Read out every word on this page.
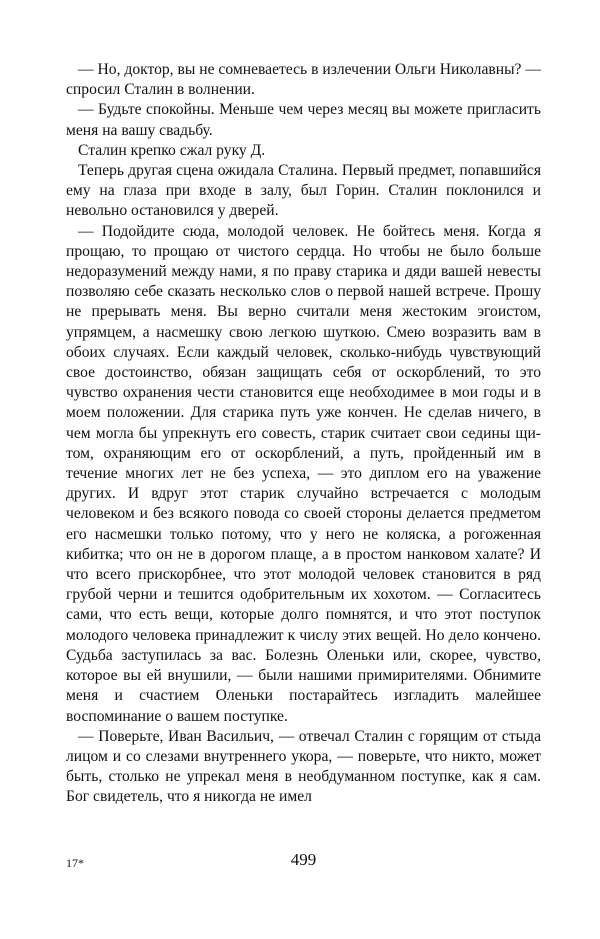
— Но, доктор, вы не сомневаетесь в излечении Ольги Николавны? — спросил Сталин в волнении.

— Будьте спокойны. Меньше чем через месяц вы можете пригласить меня на вашу свадьбу.

Сталин крепко сжал руку Д.

Теперь другая сцена ожидала Сталина. Первый предмет, попавшийся ему на глаза при входе в залу, был Горин. Сталин поклонился и невольно остановился у дверей.

— Подойдите сюда, молодой человек. Не бойтесь меня. Когда я прощаю, то прощаю от чистого сердца. Но чтобы не было больше недоразумений между нами, я по праву старика и дяди вашей невесты позволяю себе сказать несколько слов о первой нашей встрече. Прошу не прерывать меня. Вы верно считали меня жестоким эгоистом, упрямцем, а насмешку свою легкою шуткою. Смею возразить вам в обоих случаях. Если каждый человек, сколько-нибудь чувствующий свое достоинство, обязан защищать себя от оскорблений, то это чувство охранения чести становится еще необходимее в мои годы и в моем положении. Для старика путь уже кончен. Не сделав ничего, в чем могла бы упрекнуть его совесть, старик считает свои седины щитом, охраняющим его от оскорблений, а путь, пройденный им в течение многих лет не без успеха, — это диплом его на уважение других. И вдруг этот старик случайно встречается с молодым человеком и без всякого повода со своей стороны делается предметом его насмешки только потому, что у него не коляска, а рогоженная кибитка; что он не в дорогом плаще, а в простом нанковом халате? И что всего прискорбнее, что этот молодой человек становится в ряд грубой черни и тешится одобрительным их хохотом. — Согласитесь сами, что есть вещи, которые долго помнятся, и что этот поступок молодого человека принадлежит к числу этих вещей. Но дело кончено. Судьба заступилась за вас. Болезнь Оленьки или, скорее, чувство, которое вы ей внушили, — были нашими примирителями. Обнимите меня и счастием Оленьки постарайтесь изгладить малейшее воспоминание о вашем поступке.

— Поверьте, Иван Васильич, — отвечал Сталин с горящим от стыда лицом и со слезами внутреннего укора, — поверьте, что никто, может быть, столько не упрекал меня в необдуманном поступке, как я сам. Бог свидетель, что я никогда не имел

17*	499
